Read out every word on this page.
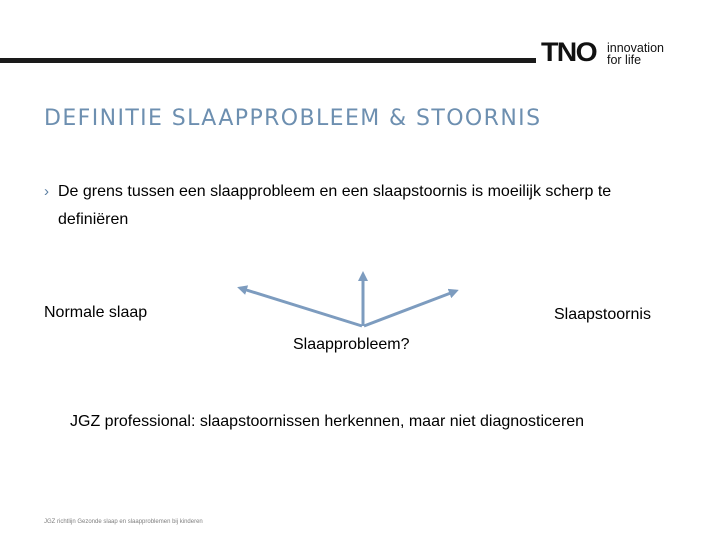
TNO innovation
for life
DEFINITIE SLAAPPROBLEEM & STOORNIS
› De grens tussen een slaapprobleem en een slaapstoornis is moeilijk scherp te definiëren
Normale slaap	Slaapstoornis
Slaapprobleem?
JGZ professional: slaapstoornissen herkennen, maar niet diagnosticeren
JGZ richtlijn Gezonde slaap en slaapproblemen bij kinderen
